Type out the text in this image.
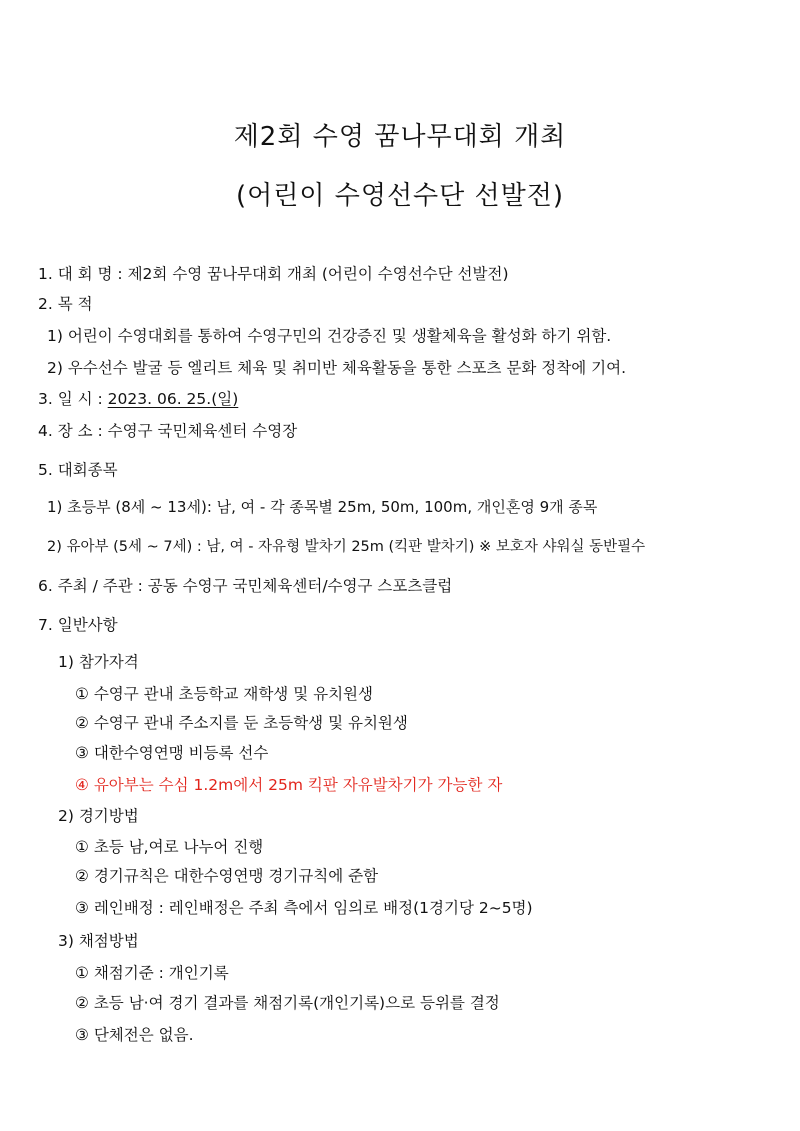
제2회 수영 꿈나무대회 개최
(어린이 수영선수단 선발전)
1. 대 회 명 : 제2회 수영 꿈나무대회 개최 (어린이 수영선수단 선발전)
2. 목 적
1) 어린이 수영대회를 통하여 수영구민의 건강증진 및 생활체육을 활성화 하기 위함.
2) 우수선수 발굴 등 엘리트 체육 및 취미반 체육활동을 통한 스포츠 문화 정착에 기여.
3. 일 시 : 2023. 06. 25.(일)
4. 장 소 : 수영구 국민체육센터 수영장
5. 대회종목
1) 초등부 (8세 ~ 13세): 남, 여 - 각 종목별 25m, 50m, 100m, 개인혼영 9개 종목
2) 유아부 (5세 ~ 7세) : 남, 여 - 자유형 발차기 25m (킥판 발차기) ※ 보호자 샤워실 동반필수
6. 주최 / 주관 : 공동 수영구 국민체육센터/수영구 스포츠클럽
7. 일반사항
1) 참가자격
① 수영구 관내 초등학교 재학생 및 유치원생
② 수영구 관내 주소지를 둔 초등학생 및 유치원생
③ 대한수영연맹 비등록 선수
④ 유아부는 수심 1.2m에서 25m 킥판 자유발차기가 가능한 자
2) 경기방법
① 초등 남,여로 나누어 진행
② 경기규칙은 대한수영연맹 경기규칙에 준함
③ 레인배정 : 레인배정은 주최 측에서 임의로 배정(1경기당 2~5명)
3) 채점방법
① 채점기준 : 개인기록
② 초등 남·여 경기 결과를 채점기록(개인기록)으로 등위를 결정
③ 단체전은 없음.
